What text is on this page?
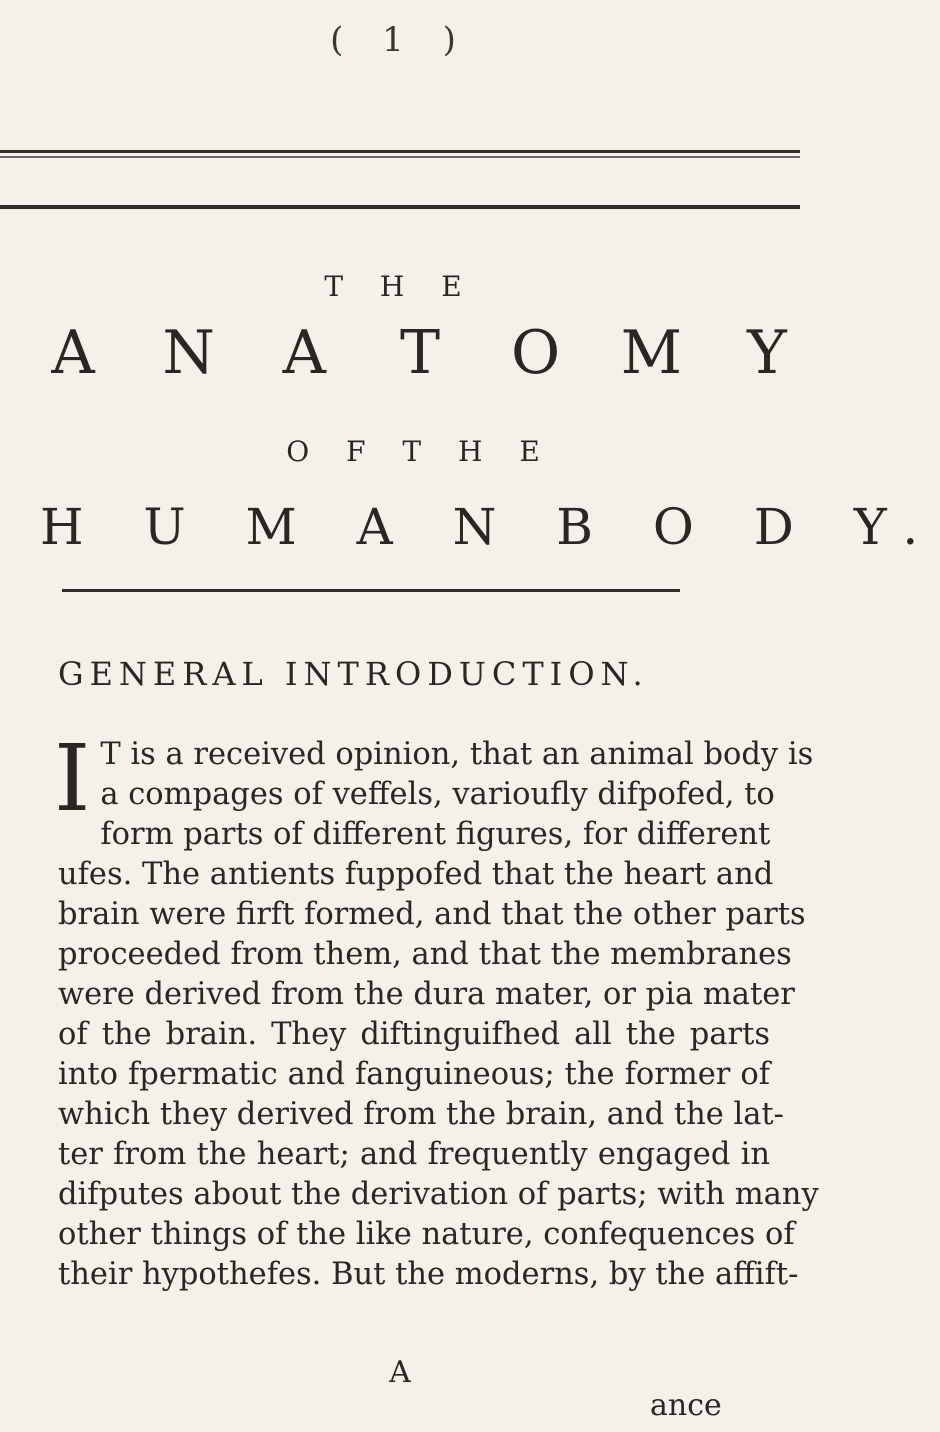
( 1 )
T H E
A N A T O M Y
O F T H E
H U M A N B O D Y.
GENERAL INTRODUCTION.
I T is a received opinion, that an animal body is
a compages of veffels, varioufly difpofed, to
form parts of different figures, for different
ufes. The antients fuppofed that the heart and
brain were firft formed, and that the other parts
proceeded from them, and that the membranes
were derived from the dura mater, or pia mater
of the brain. They diftinguifhed all the parts
into fpermatic and fanguineous; the former of
which they derived from the brain, and the lat-
ter from the heart; and frequently engaged in
difputes about the derivation of parts; with many
other things of the like nature, confequences of
their hypothefes. But the moderns, by the affift-
A
ance
